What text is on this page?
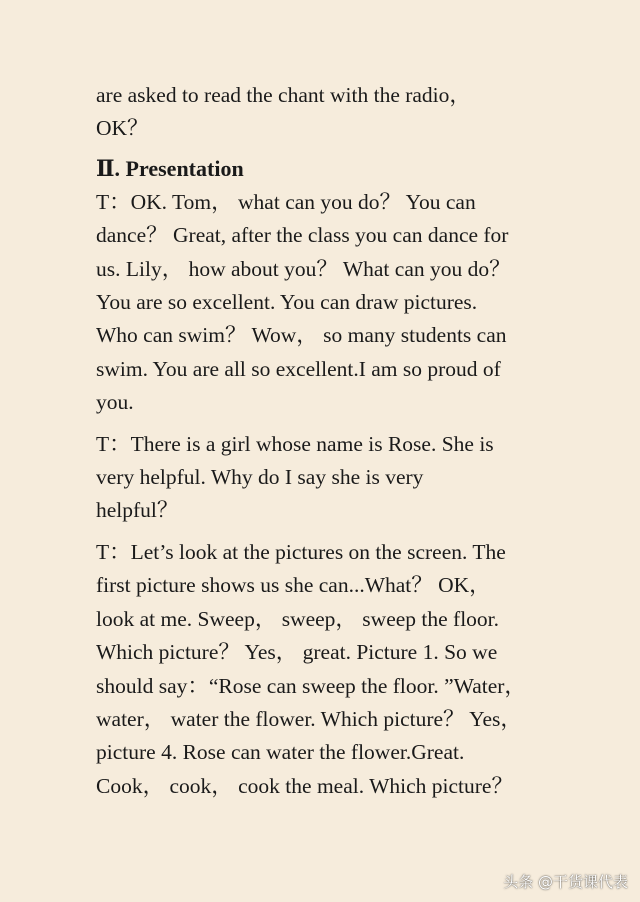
are asked to read the chant with the radio，
OK？

Ⅱ. Presentation

T：OK. Tom， what can you do？ You can
dance？ Great, after the class you can dance for
us. Lily， how about you？ What can you do？
You are so excellent. You can draw pictures.
Who can swim？ Wow， so many students can
swim. You are all so excellent.I am so proud of
you.

T：There is a girl whose name is Rose. She is
very helpful. Why do I say she is very
helpful？

T：Let’s look at the pictures on the screen. The
first picture shows us she can...What？ OK，
look at me. Sweep， sweep， sweep the floor.
Which picture？ Yes， great. Picture 1. So we
should say：“Rose can sweep the floor. ”Water，
water， water the flower. Which picture？ Yes，
picture 4. Rose can water the flower.Great.
Cook， cook， cook the meal. Which picture？

头条 @干货课代表
